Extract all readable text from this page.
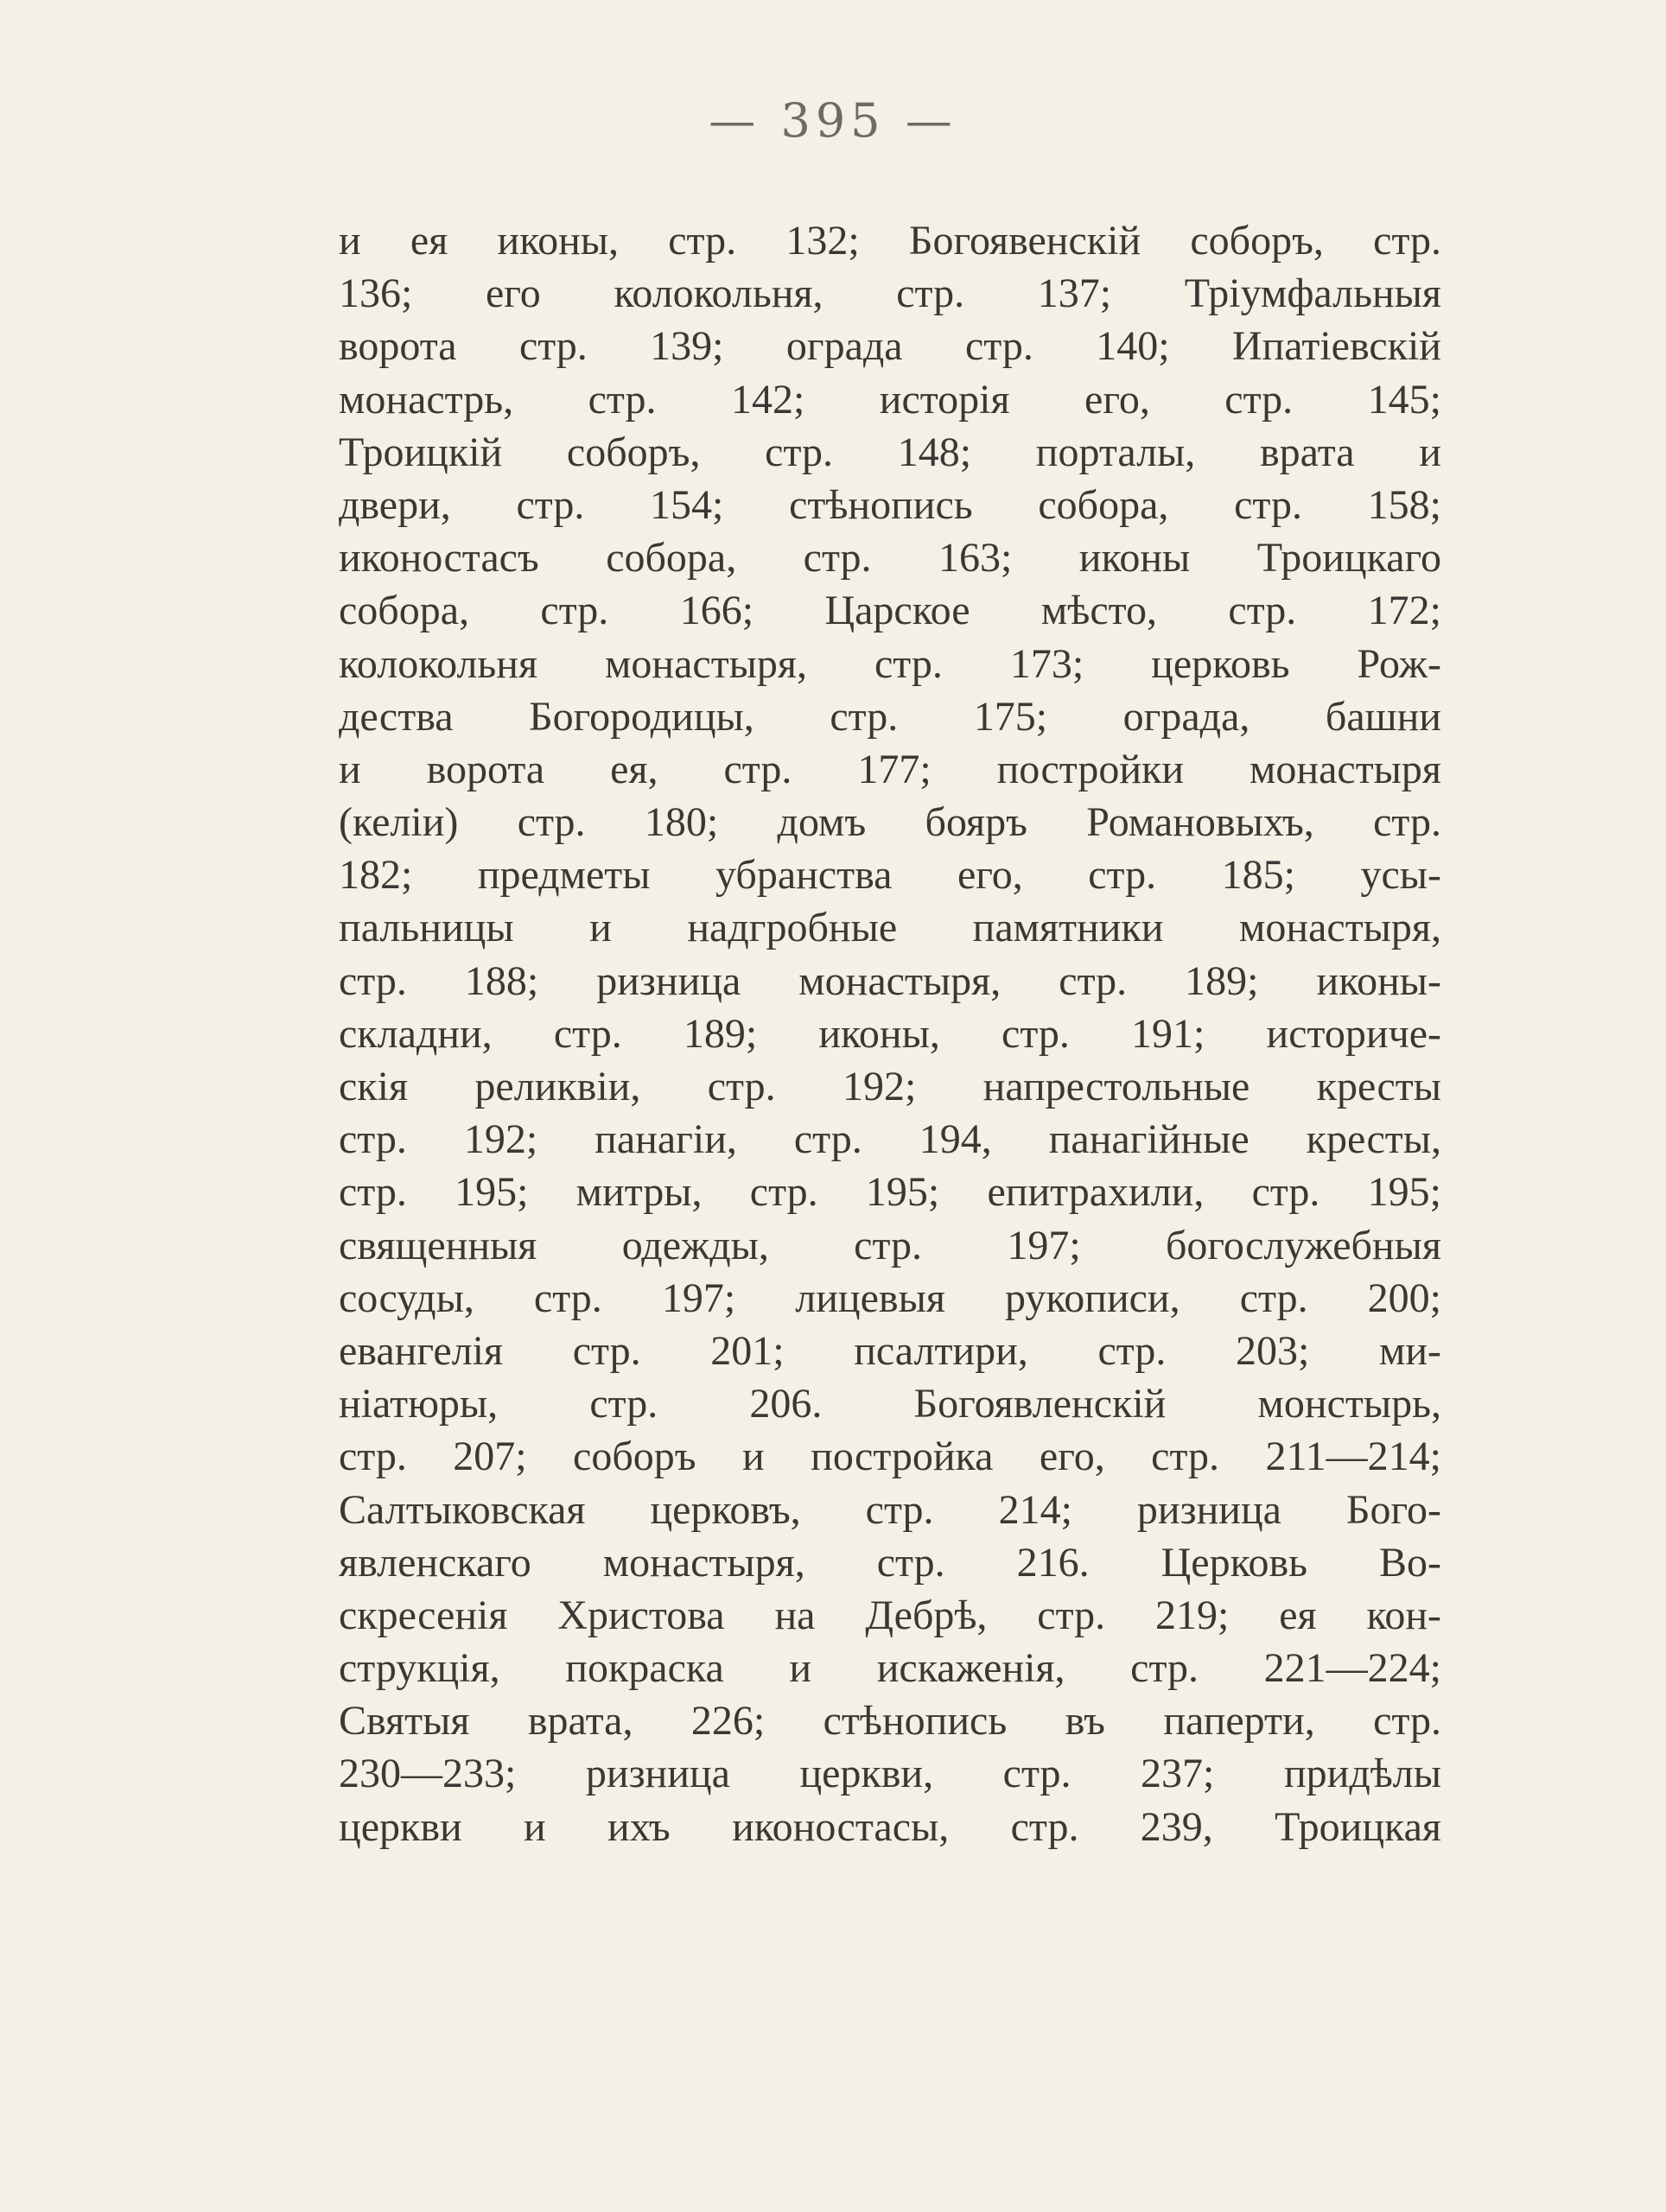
— 395 —
и ея иконы, стр. 132; Богоявенскій соборъ, стр.
136; его колокольня, стр. 137; Тріумфальныя
ворота стр. 139; ограда стр. 140; Ипатіевскій
монастрь, стр. 142; исторія его, стр. 145;
Троицкій соборъ, стр. 148; порталы, врата и
двери, стр. 154; стѣнопись собора, стр. 158;
иконостасъ собора, стр. 163; иконы Троицкаго
собора, стр. 166; Царское мѣсто, стр. 172;
колокольня монастыря, стр. 173; церковь Рож-
дества Богородицы, стр. 175; ограда, башни
и ворота ея, стр. 177; постройки монастыря
(келіи) стр. 180; домъ бояръ Романовыхъ, стр.
182; предметы убранства его, стр. 185; усы-
пальницы и надгробные памятники монастыря,
стр. 188; ризница монастыря, стр. 189; иконы-
складни, стр. 189; иконы, стр. 191; историче-
скія реликвіи, стр. 192; напрестольные кресты
стр. 192; панагіи, стр. 194, панагійные кресты,
стр. 195; митры, стр. 195; епитрахили, стр. 195;
священныя одежды, стр. 197; богослужебныя
сосуды, стр. 197; лицевыя рукописи, стр. 200;
евангелія стр. 201; псалтири, стр. 203; ми-
ніатюры, стр. 206. Богоявленскій монстырь,
стр. 207; соборъ и постройка его, стр. 211—214;
Салтыковская церковъ, стр. 214; ризница Бого-
явленскаго монастыря, стр. 216. Церковь Во-
скресенія Христова на Дебрѣ, стр. 219; ея кон-
струкція, покраска и искаженія, стр. 221—224;
Святыя врата, 226; стѣнопись въ паперти, стр.
230—233; ризница церкви, стр. 237; придѣлы
церкви и ихъ иконостасы, стр. 239, Троицкая
